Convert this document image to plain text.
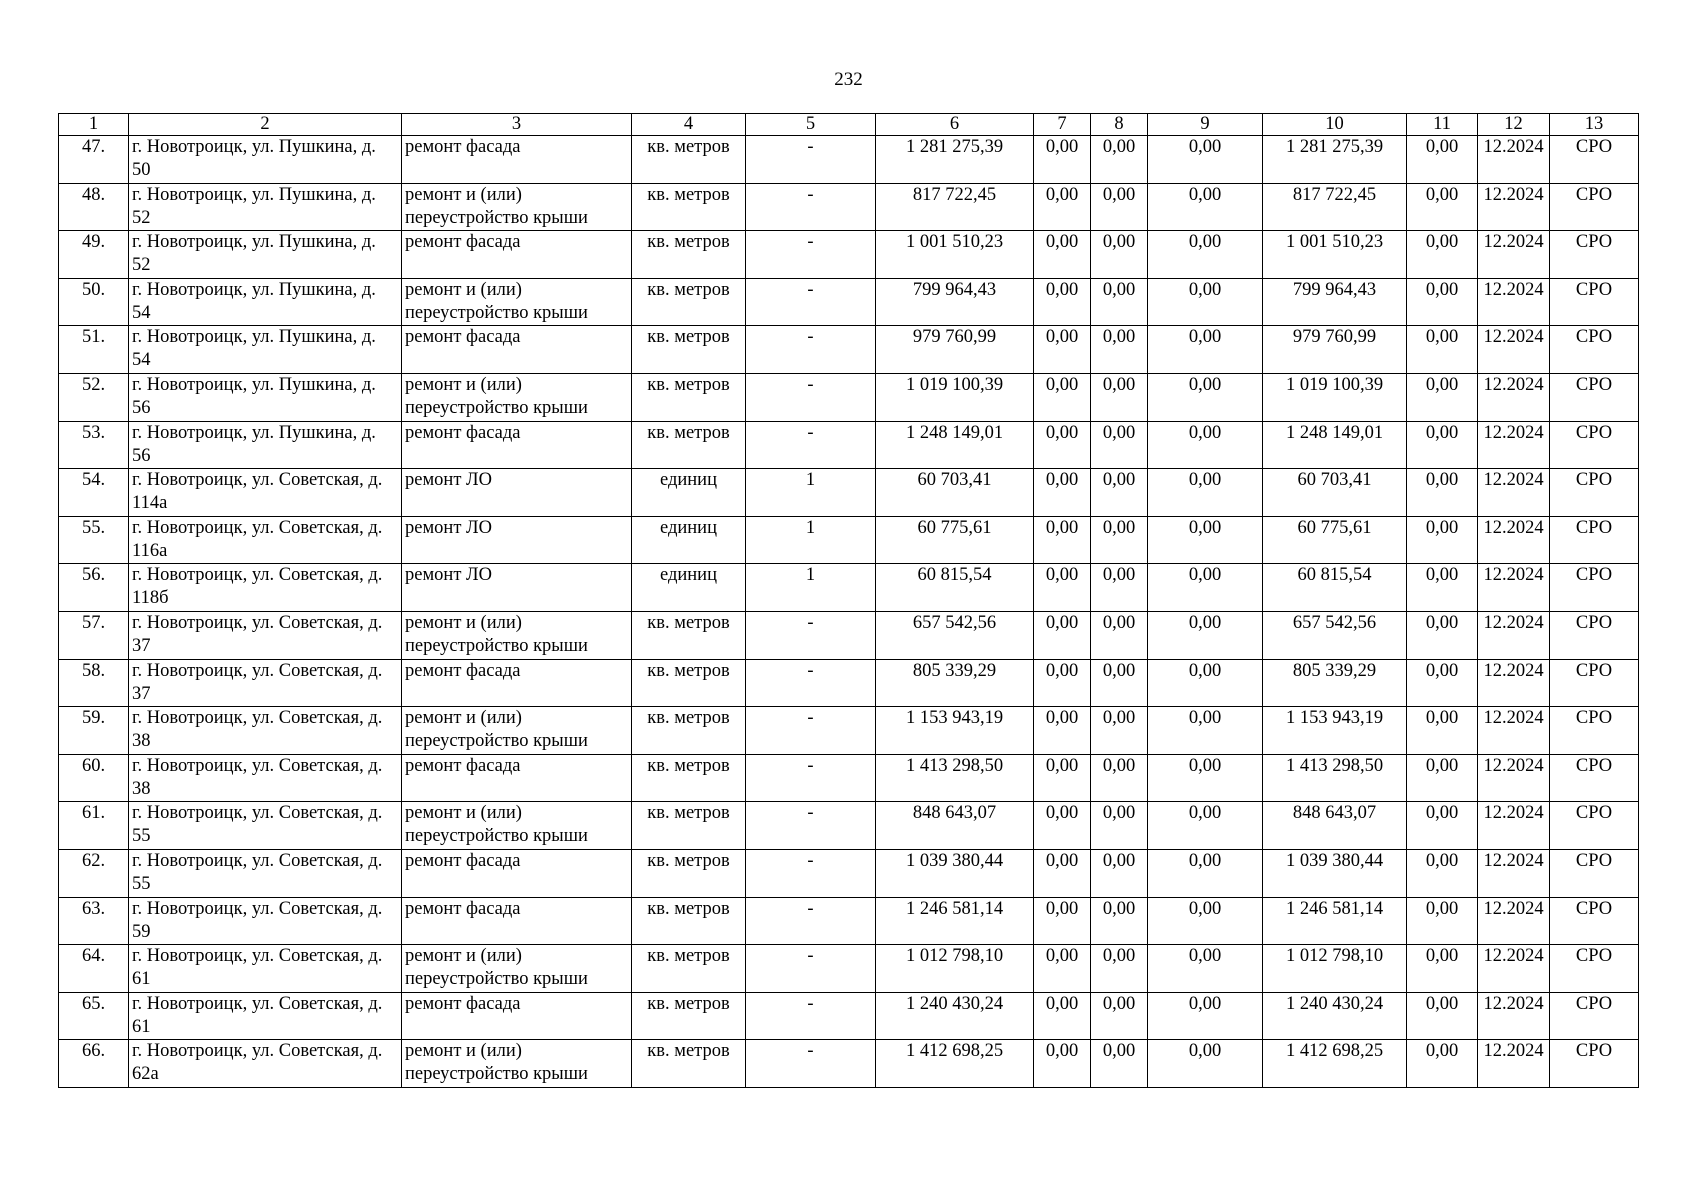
232
1	2	3	4	5	6	7	8	9	10	11	12	13
47.	г. Новотроицк, ул. Пушкина, д. 50	ремонт фасада	кв. метров	-	1 281 275,39	0,00	0,00	0,00	1 281 275,39	0,00	12.2024	СРО
48.	г. Новотроицк, ул. Пушкина, д. 52	ремонт и (или) переустройство крыши	кв. метров	-	817 722,45	0,00	0,00	0,00	817 722,45	0,00	12.2024	СРО
49.	г. Новотроицк, ул. Пушкина, д. 52	ремонт фасада	кв. метров	-	1 001 510,23	0,00	0,00	0,00	1 001 510,23	0,00	12.2024	СРО
50.	г. Новотроицк, ул. Пушкина, д. 54	ремонт и (или) переустройство крыши	кв. метров	-	799 964,43	0,00	0,00	0,00	799 964,43	0,00	12.2024	СРО
51.	г. Новотроицк, ул. Пушкина, д. 54	ремонт фасада	кв. метров	-	979 760,99	0,00	0,00	0,00	979 760,99	0,00	12.2024	СРО
52.	г. Новотроицк, ул. Пушкина, д. 56	ремонт и (или) переустройство крыши	кв. метров	-	1 019 100,39	0,00	0,00	0,00	1 019 100,39	0,00	12.2024	СРО
53.	г. Новотроицк, ул. Пушкина, д. 56	ремонт фасада	кв. метров	-	1 248 149,01	0,00	0,00	0,00	1 248 149,01	0,00	12.2024	СРО
54.	г. Новотроицк, ул. Советская, д. 114а	ремонт ЛО	единиц	1	60 703,41	0,00	0,00	0,00	60 703,41	0,00	12.2024	СРО
55.	г. Новотроицк, ул. Советская, д. 116а	ремонт ЛО	единиц	1	60 775,61	0,00	0,00	0,00	60 775,61	0,00	12.2024	СРО
56.	г. Новотроицк, ул. Советская, д. 118б	ремонт ЛО	единиц	1	60 815,54	0,00	0,00	0,00	60 815,54	0,00	12.2024	СРО
57.	г. Новотроицк, ул. Советская, д. 37	ремонт и (или) переустройство крыши	кв. метров	-	657 542,56	0,00	0,00	0,00	657 542,56	0,00	12.2024	СРО
58.	г. Новотроицк, ул. Советская, д. 37	ремонт фасада	кв. метров	-	805 339,29	0,00	0,00	0,00	805 339,29	0,00	12.2024	СРО
59.	г. Новотроицк, ул. Советская, д. 38	ремонт и (или) переустройство крыши	кв. метров	-	1 153 943,19	0,00	0,00	0,00	1 153 943,19	0,00	12.2024	СРО
60.	г. Новотроицк, ул. Советская, д. 38	ремонт фасада	кв. метров	-	1 413 298,50	0,00	0,00	0,00	1 413 298,50	0,00	12.2024	СРО
61.	г. Новотроицк, ул. Советская, д. 55	ремонт и (или) переустройство крыши	кв. метров	-	848 643,07	0,00	0,00	0,00	848 643,07	0,00	12.2024	СРО
62.	г. Новотроицк, ул. Советская, д. 55	ремонт фасада	кв. метров	-	1 039 380,44	0,00	0,00	0,00	1 039 380,44	0,00	12.2024	СРО
63.	г. Новотроицк, ул. Советская, д. 59	ремонт фасада	кв. метров	-	1 246 581,14	0,00	0,00	0,00	1 246 581,14	0,00	12.2024	СРО
64.	г. Новотроицк, ул. Советская, д. 61	ремонт и (или) переустройство крыши	кв. метров	-	1 012 798,10	0,00	0,00	0,00	1 012 798,10	0,00	12.2024	СРО
65.	г. Новотроицк, ул. Советская, д. 61	ремонт фасада	кв. метров	-	1 240 430,24	0,00	0,00	0,00	1 240 430,24	0,00	12.2024	СРО
66.	г. Новотроицк, ул. Советская, д. 62а	ремонт и (или) переустройство крыши	кв. метров	-	1 412 698,25	0,00	0,00	0,00	1 412 698,25	0,00	12.2024	СРО
